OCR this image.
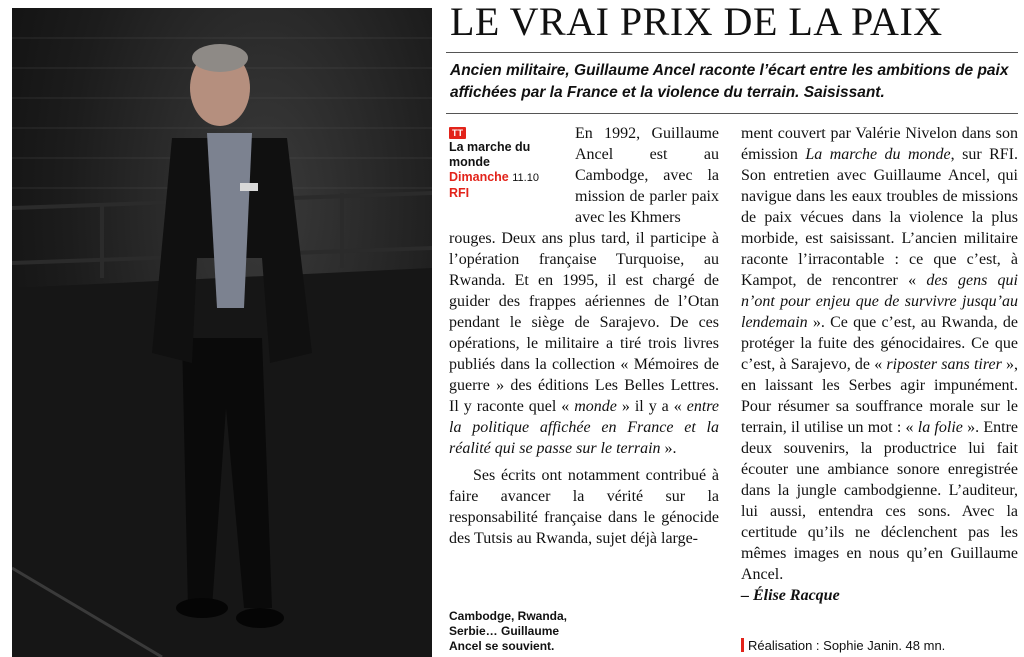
LE VRAI PRIX DE LA PAIX

Ancien militaire, Guillaume Ancel raconte l’écart entre les ambitions de paix affichées par la France et la violence du terrain. Saisissant.

TT
La marche du monde
Dimanche 11.10
RFI

En 1992, Guillaume Ancel est au Cambodge, avec la mission de parler paix avec les Khmers

rouges. Deux ans plus tard, il participe à l’opération française Turquoise, au Rwanda. Et en 1995, il est chargé de guider des frappes aériennes de l’Otan pendant le siège de Sarajevo. De ces opérations, le militaire a tiré trois livres publiés dans la collection « Mémoires de guerre » des éditions Les Belles Lettres. Il y raconte quel « monde » il y a « entre la politique affichée en France et la réalité qui se passe sur le terrain ».

Ses écrits ont notamment contribué à faire avancer la vérité sur la responsabilité française dans le génocide des Tutsis au Rwanda, sujet déjà large-

ment couvert par Valérie Nivelon dans son émission La marche du monde, sur RFI. Son entretien avec Guillaume Ancel, qui navigue dans les eaux troubles de missions de paix vécues dans la violence la plus morbide, est saisissant. L’ancien militaire raconte l’irracontable : ce que c’est, à Kampot, de rencontrer « des gens qui n’ont pour enjeu que de survivre jusqu’au lendemain ». Ce que c’est, au Rwanda, de protéger la fuite des génocidaires. Ce que c’est, à Sarajevo, de « riposter sans tirer », en laissant les Serbes agir impunément. Pour résumer sa souffrance morale sur le terrain, il utilise un mot : « la folie ». Entre deux souvenirs, la productrice lui fait écouter une ambiance sonore enregistrée dans la jungle cambodgienne. L’auditeur, lui aussi, entendra ces sons. Avec la certitude qu’ils ne déclenchent pas les mêmes images en nous qu’en Guillaume Ancel.

– Élise Racque

Réalisation : Sophie Janin. 48 mn.
Cambodge, Rwanda, Serbie… Guillaume Ancel se souvient.
